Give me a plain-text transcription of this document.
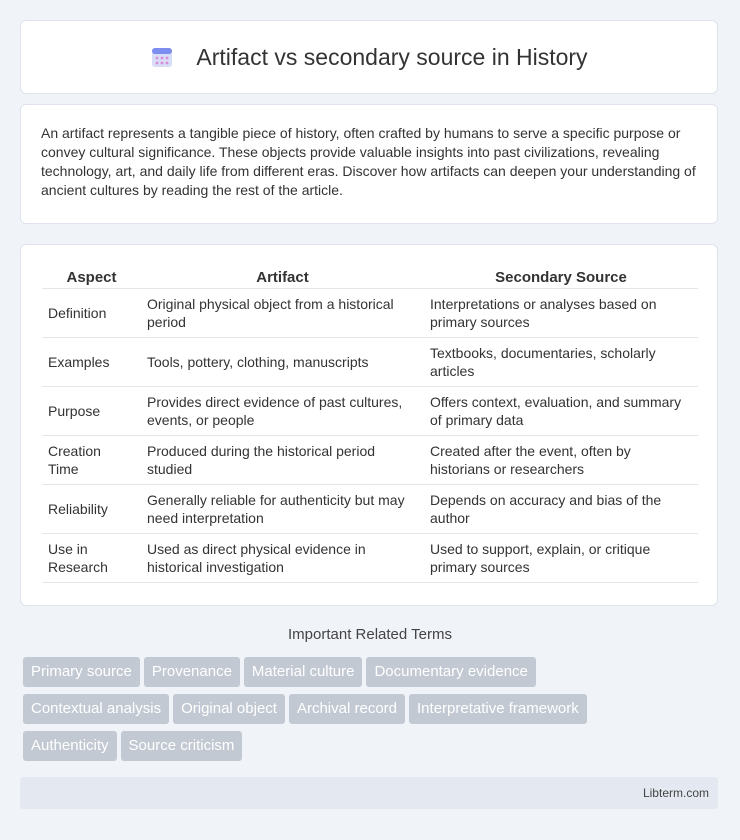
Artifact vs secondary source in History

An artifact represents a tangible piece of history, often crafted by humans to serve a specific purpose or convey cultural significance. These objects provide valuable insights into past civilizations, revealing technology, art, and daily life from different eras. Discover how artifacts can deepen your understanding of ancient cultures by reading the rest of the article.

Aspect	Artifact	Secondary Source
Definition	Original physical object from a historical period	Interpretations or analyses based on primary sources
Examples	Tools, pottery, clothing, manuscripts	Textbooks, documentaries, scholarly articles
Purpose	Provides direct evidence of past cultures, events, or people	Offers context, evaluation, and summary of primary data
Creation Time	Produced during the historical period studied	Created after the event, often by historians or researchers
Reliability	Generally reliable for authenticity but may need interpretation	Depends on accuracy and bias of the author
Use in Research	Used as direct physical evidence in historical investigation	Used to support, explain, or critique primary sources
Important Related Terms
Primary source Provenance Material culture Documentary evidence
Contextual analysis Original object Archival record Interpretative framework
Authenticity Source criticism
Libterm.com
